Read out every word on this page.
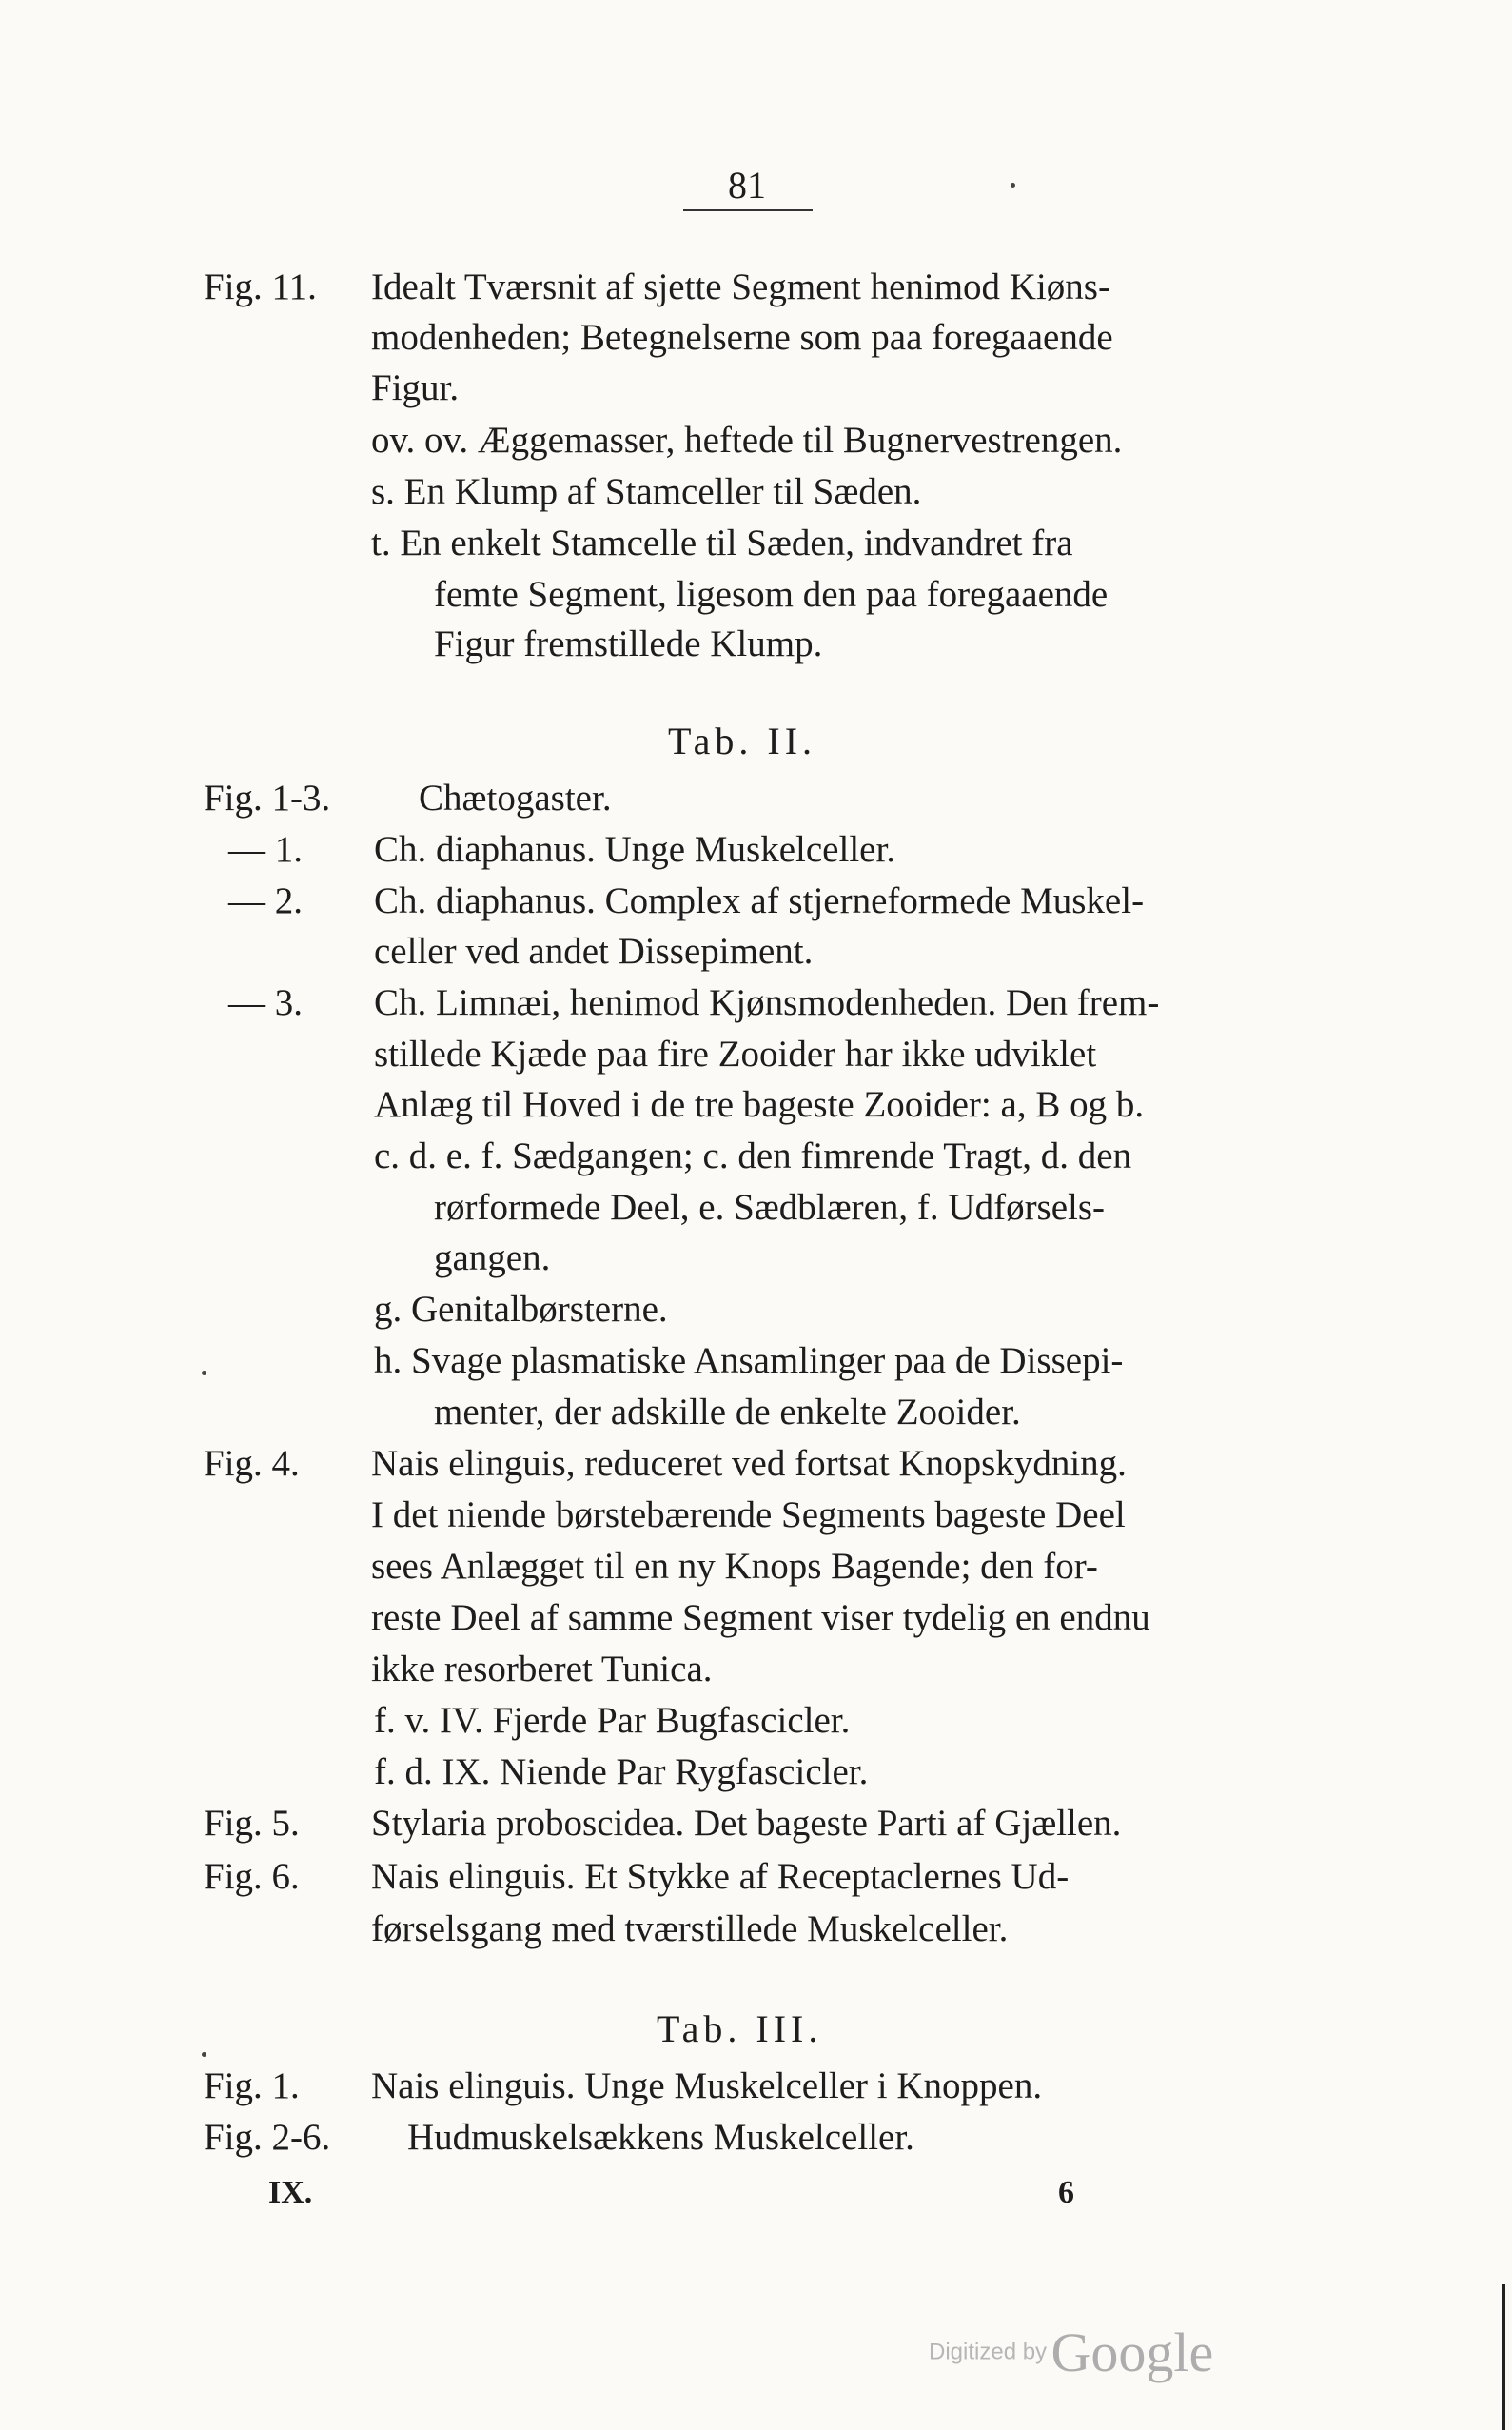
81
Fig. 11. Idealt Tværsnit af sjette Segment henimod Kiøns-
modenheden; Betegnelserne som paa foregaaende
Figur.
ov. ov. Æggemasser, heftede til Bugnervestrengen.
s. En Klump af Stamceller til Sæden.
t. En enkelt Stamcelle til Sæden, indvandret fra
femte Segment, ligesom den paa foregaaende
Figur fremstillede Klump.
Fig. 1-3. Chætogaster.
— 1. Ch. diaphanus. Unge Muskelceller.
— 2. Ch. diaphanus. Complex af stjerneformede Muskel-
celler ved andet Dissepiment.
— 3. Ch. Limnæi, henimod Kjønsmodenheden. Den frem-
stillede Kjæde paa fire Zooider har ikke udviklet
Anlæg til Hoved i de tre bageste Zooider: a, B og b.
c. d. e. f. Sædgangen; c. den fimrende Tragt, d. den
rørformede Deel, e. Sædblæren, f. Udførsels-
gangen.
g. Genitalbørsterne.
h. Svage plasmatiske Ansamlinger paa de Dissepi-
menter, der adskille de enkelte Zooider.
Fig. 4. Nais elinguis, reduceret ved fortsat Knopskydning.
I det niende børstebærende Segments bageste Deel
sees Anlægget til en ny Knops Bagende; den for-
reste Deel af samme Segment viser tydelig en endnu
ikke resorberet Tunica.
f. v. IV. Fjerde Par Bugfascicler.
f. d. IX. Niende Par Rygfascicler.
Fig. 5. Stylaria proboscidea. Det bageste Parti af Gjællen.
Fig. 6. Nais elinguis. Et Stykke af Receptaclernes Ud-
førselsgang med tværstillede Muskelceller.
Fig. 1. Nais elinguis. Unge Muskelceller i Knoppen.
Fig. 2-6. Hudmuskelsækkens Muskelceller.
Tab. II.
Tab. III.
IX.	6
Digitized by Google
